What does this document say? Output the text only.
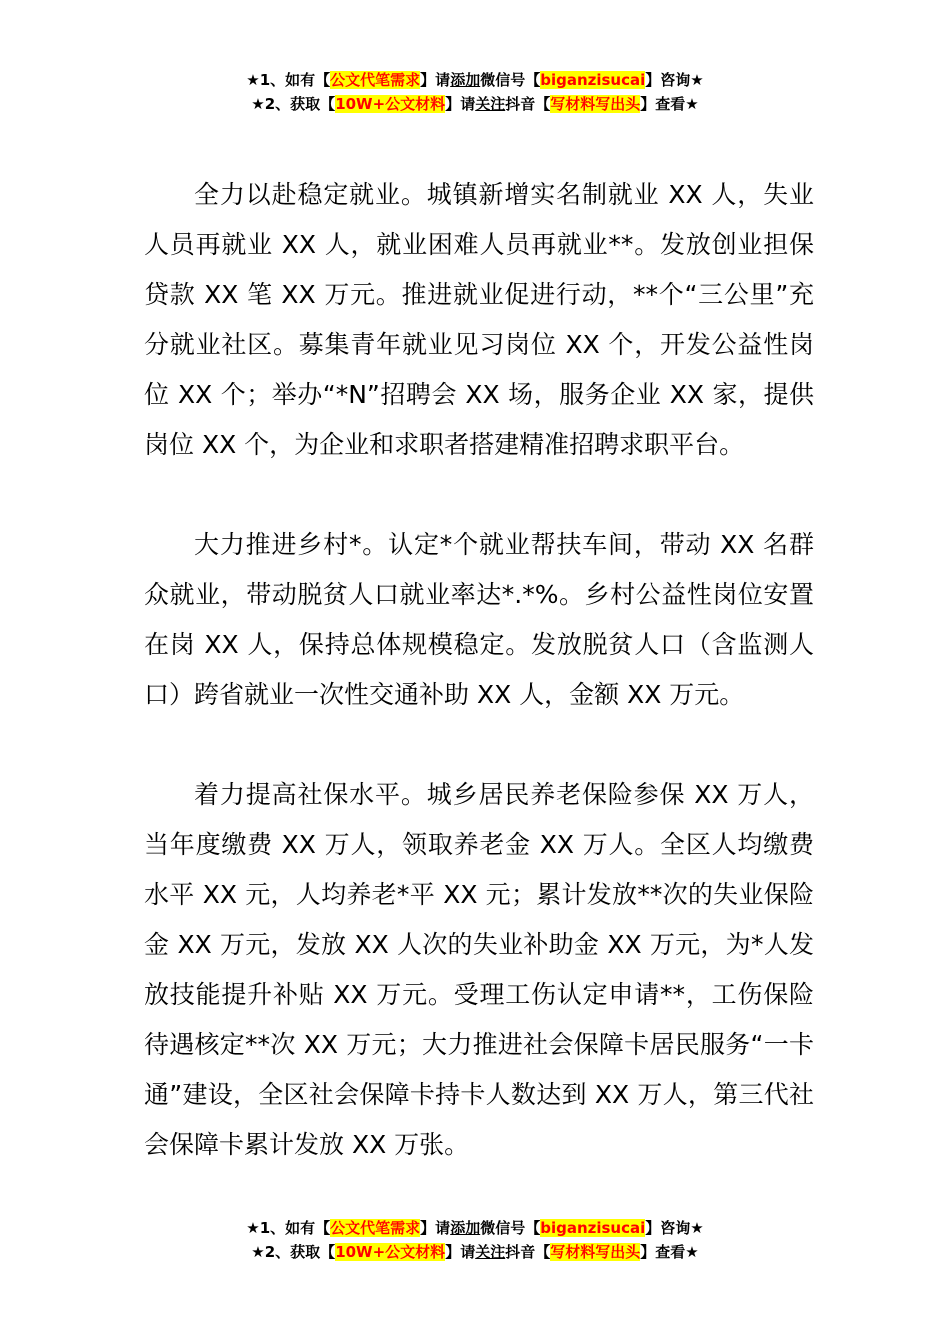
★1、如有【公文代笔需求】请添加微信号【biganzisucai】咨询★
★2、获取【10W+公文材料】请关注抖音【写材料写出头】查看★

全力以赴稳定就业。城镇新增实名制就业 XX 人，失业人员再就业 XX 人，就业困难人员再就业**。发放创业担保贷款 XX 笔 XX 万元。推进就业促进行动，**个“三公里”充分就业社区。募集青年就业见习岗位 XX 个，开发公益性岗位 XX 个；举办“*N”招聘会 XX 场，服务企业 XX 家，提供岗位 XX 个，为企业和求职者搭建精准招聘求职平台。

大力推进乡村*。认定*个就业帮扶车间，带动 XX 名群众就业，带动脱贫人口就业率达*.*%。乡村公益性岗位安置在岗 XX 人，保持总体规模稳定。发放脱贫人口（含监测人口）跨省就业一次性交通补助 XX 人，金额 XX 万元。

着力提高社保水平。城乡居民养老保险参保 XX 万人，当年度缴费 XX 万人，领取养老金 XX 万人。全区人均缴费水平 XX 元，人均养老*平 XX 元；累计发放**次的失业保险金 XX 万元，发放 XX 人次的失业补助金 XX 万元，为*人发放技能提升补贴 XX 万元。受理工伤认定申请**，工伤保险待遇核定**次 XX 万元；大力推进社会保障卡居民服务“一卡通”建设，全区社会保障卡持卡人数达到 XX 万人，第三代社会保障卡累计发放 XX 万张。

★1、如有【公文代笔需求】请添加微信号【biganzisucai】咨询★
★2、获取【10W+公文材料】请关注抖音【写材料写出头】查看★
